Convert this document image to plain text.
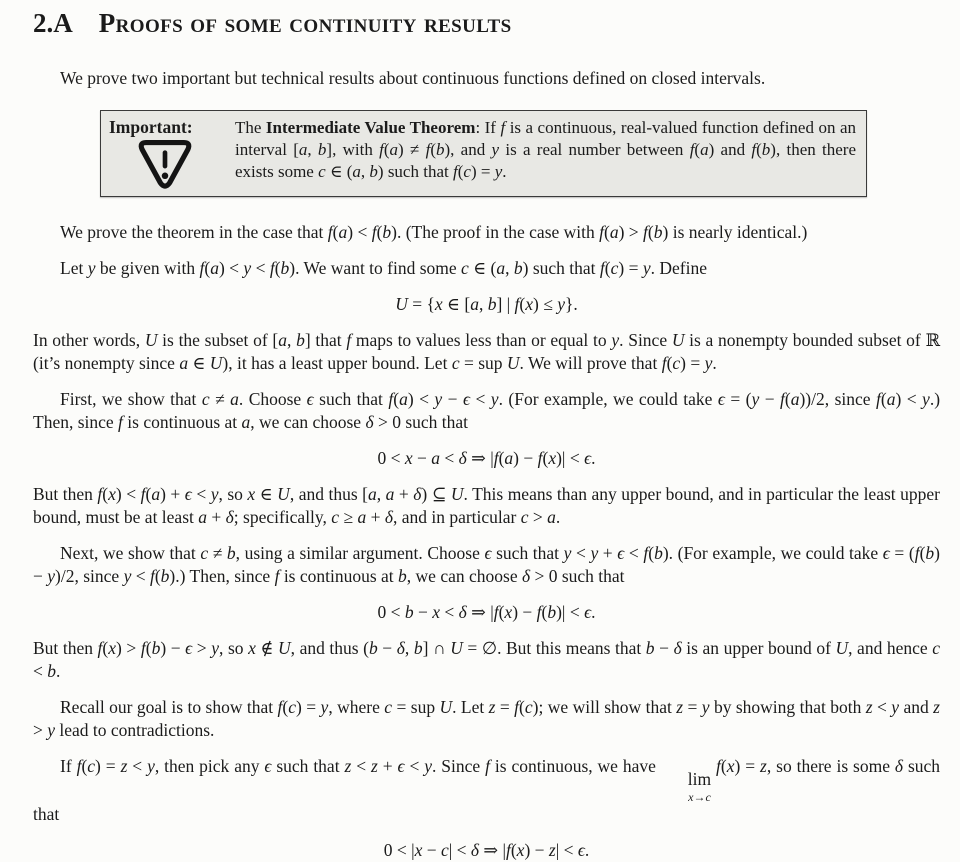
2.A Proofs of some continuity results

We prove two important but technical results about continuous functions defined on closed intervals.

Important: The Intermediate Value Theorem: If f is a continuous, real-valued function defined on an interval [a, b], with f(a) ≠ f(b), and y is a real number between f(a) and f(b), then there exists some c ∈ (a, b) such that f(c) = y.

We prove the theorem in the case that f(a) < f(b). (The proof in the case with f(a) > f(b) is nearly identical.)

Let y be given with f(a) < y < f(b). We want to find some c ∈ (a, b) such that f(c) = y. Define

U = {x ∈ [a, b] | f(x) ≤ y}.

In other words, U is the subset of [a, b] that f maps to values less than or equal to y. Since U is a nonempty bounded subset of ℝ (it’s nonempty since a ∈ U), it has a least upper bound. Let c = sup U. We will prove that f(c) = y.

First, we show that c ≠ a. Choose ϵ such that f(a) < y − ϵ < y. (For example, we could take ϵ = (y − f(a))/2, since f(a) < y.) Then, since f is continuous at a, we can choose δ > 0 such that

0 < x − a < δ ⇒ |f(a) − f(x)| < ϵ.

But then f(x) < f(a) + ϵ < y, so x ∈ U, and thus [a, a + δ) ⊆ U. This means than any upper bound, and in particular the least upper bound, must be at least a + δ; specifically, c ≥ a + δ, and in particular c > a.

Next, we show that c ≠ b, using a similar argument. Choose ϵ such that y < y + ϵ < f(b). (For example, we could take ϵ = (f(b) − y)/2, since y < f(b).) Then, since f is continuous at b, we can choose δ > 0 such that

0 < b − x < δ ⇒ |f(x) − f(b)| < ϵ.

But then f(x) > f(b) − ϵ > y, so x ∉ U, and thus (b − δ, b] ∩ U = ∅. But this means that b − δ is an upper bound of U, and hence c < b.

Recall our goal is to show that f(c) = y, where c = sup U. Let z = f(c); we will show that z = y by showing that both z < y and z > y lead to contradictions.

If f(c) = z < y, then pick any ϵ such that z < z + ϵ < y. Since f is continuous, we have
lim
x→c
f(x) = z, so there is some δ such that

0 < |x − c| < δ ⇒ |f(x) − z| < ϵ.
